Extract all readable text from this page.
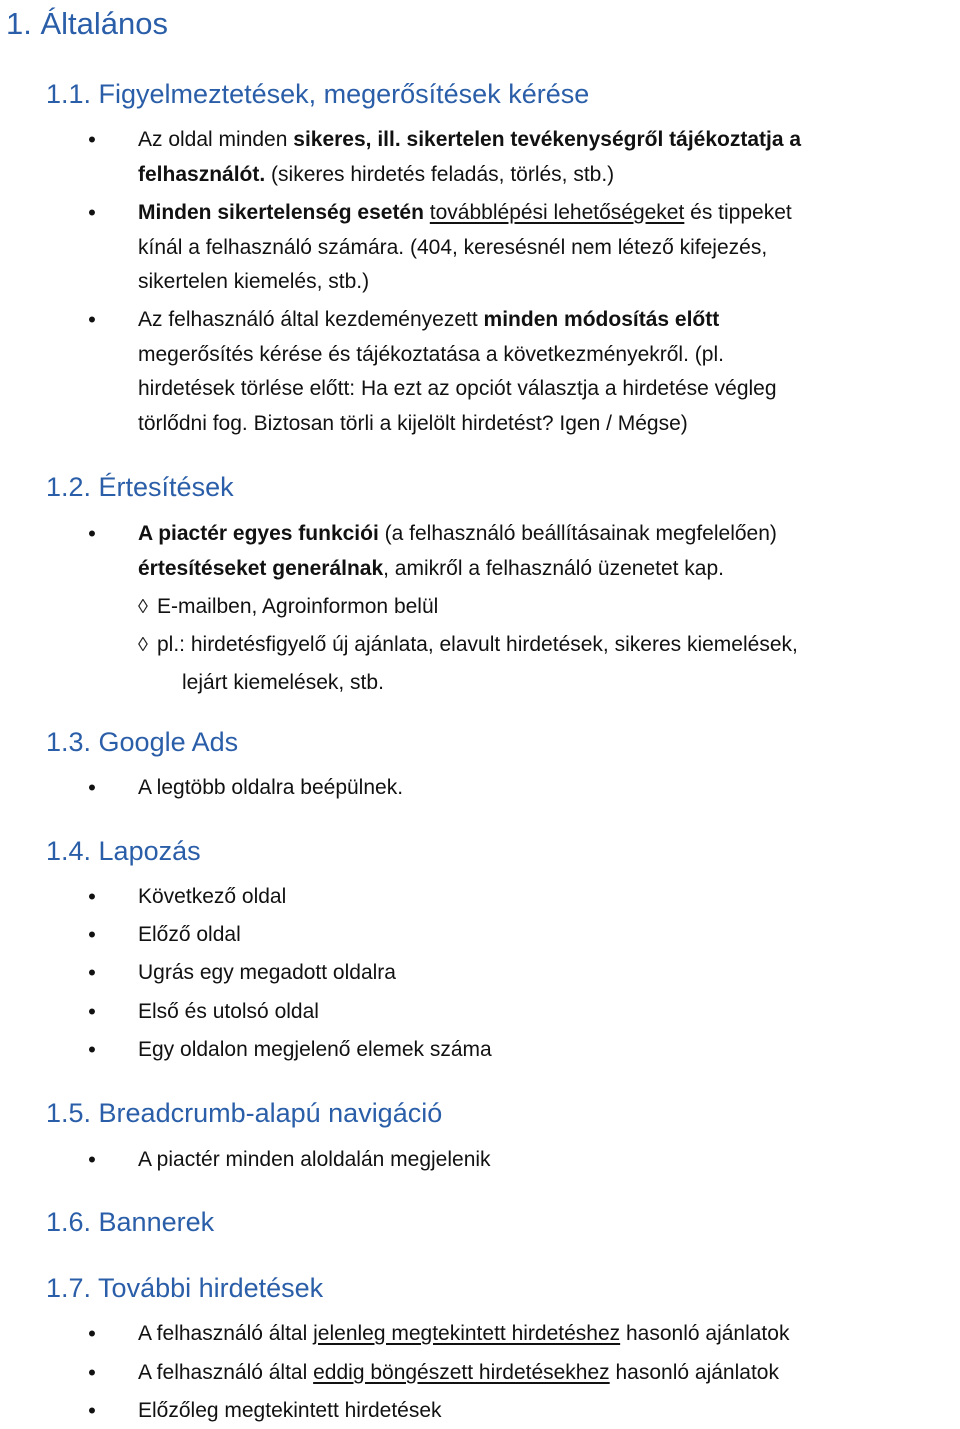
1. Általános
1.1. Figyelmeztetések, megerősítések kérése
• Az oldal minden sikeres, ill. sikertelen tevékenységről tájékoztatja a
felhasználót. (sikeres hirdetés feladás, törlés, stb.)
• Minden sikertelenség esetén továbblépési lehetőségeket és tippeket
kínál a felhasználó számára. (404, keresésnél nem létező kifejezés,
sikertelen kiemelés, stb.)
• Az felhasználó által kezdeményezett minden módosítás előtt
megerősítés kérése és tájékoztatása a következményekről. (pl.
hirdetések törlése előtt: Ha ezt az opciót választja a hirdetése végleg
törlődni fog. Biztosan törli a kijelölt hirdetést? Igen / Mégse)
1.2. Értesítések
• A piactér egyes funkciói (a felhasználó beállításainak megfelelően)
értesítéseket generálnak, amikről a felhasználó üzenetet kap.
◊ E-mailben, Agroinformon belül
◊ pl.: hirdetésfigyelő új ajánlata, elavult hirdetések, sikeres kiemelések,
lejárt kiemelések, stb.
1.3. Google Ads
• A legtöbb oldalra beépülnek.
1.4. Lapozás
• Következő oldal
• Előző oldal
• Ugrás egy megadott oldalra
• Első és utolsó oldal
• Egy oldalon megjelenő elemek száma
1.5. Breadcrumb-alapú navigáció
• A piactér minden aloldalán megjelenik
1.6. Bannerek
1.7. További hirdetések
• A felhasználó által jelenleg megtekintett hirdetéshez hasonló ajánlatok
• A felhasználó által eddig böngészett hirdetésekhez hasonló ajánlatok
• Előzőleg megtekintett hirdetések
